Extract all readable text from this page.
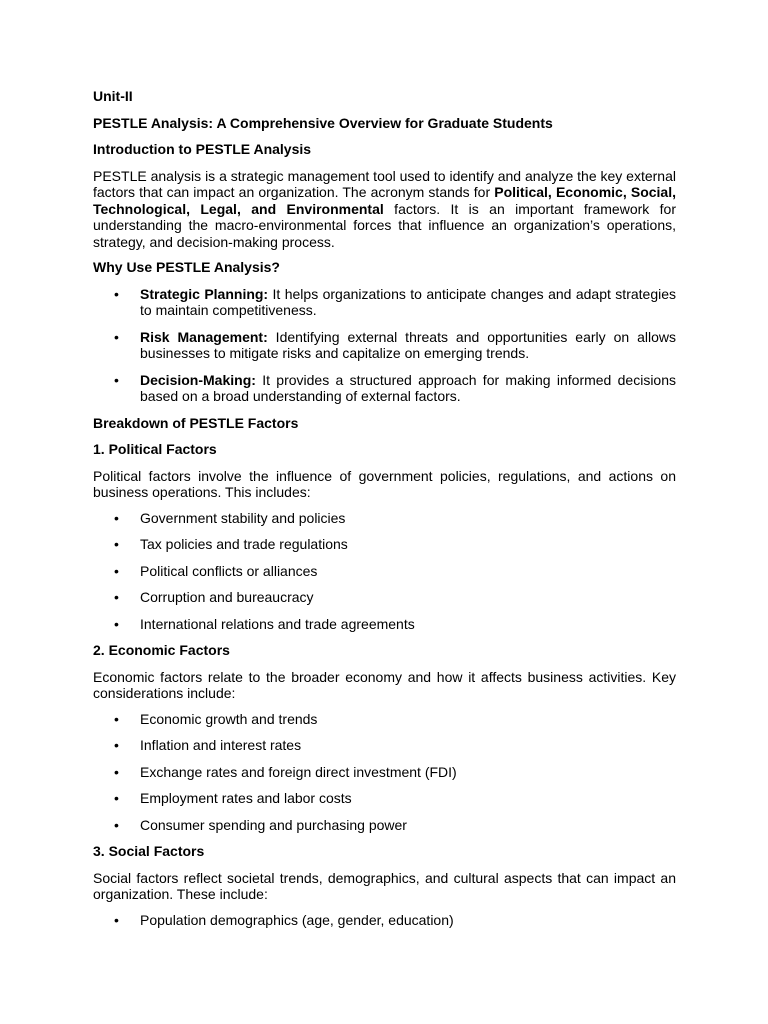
Unit-II
PESTLE Analysis: A Comprehensive Overview for Graduate Students
Introduction to PESTLE Analysis

PESTLE analysis is a strategic management tool used to identify and analyze the key external factors that can impact an organization. The acronym stands for Political, Economic, Social, Technological, Legal, and Environmental factors. It is an important framework for understanding the macro-environmental forces that influence an organization’s operations, strategy, and decision-making process.

Why Use PESTLE Analysis?
• Strategic Planning: It helps organizations to anticipate changes and adapt strategies to maintain competitiveness.
• Risk Management: Identifying external threats and opportunities early on allows businesses to mitigate risks and capitalize on emerging trends.
• Decision-Making: It provides a structured approach for making informed decisions based on a broad understanding of external factors.
Breakdown of PESTLE Factors
1. Political Factors

Political factors involve the influence of government policies, regulations, and actions on business operations. This includes:

• Government stability and policies
• Tax policies and trade regulations
• Political conflicts or alliances
• Corruption and bureaucracy
• International relations and trade agreements
2. Economic Factors

Economic factors relate to the broader economy and how it affects business activities. Key considerations include:

• Economic growth and trends
• Inflation and interest rates
• Exchange rates and foreign direct investment (FDI)
• Employment rates and labor costs
• Consumer spending and purchasing power
3. Social Factors

Social factors reflect societal trends, demographics, and cultural aspects that can impact an organization. These include:

• Population demographics (age, gender, education)
